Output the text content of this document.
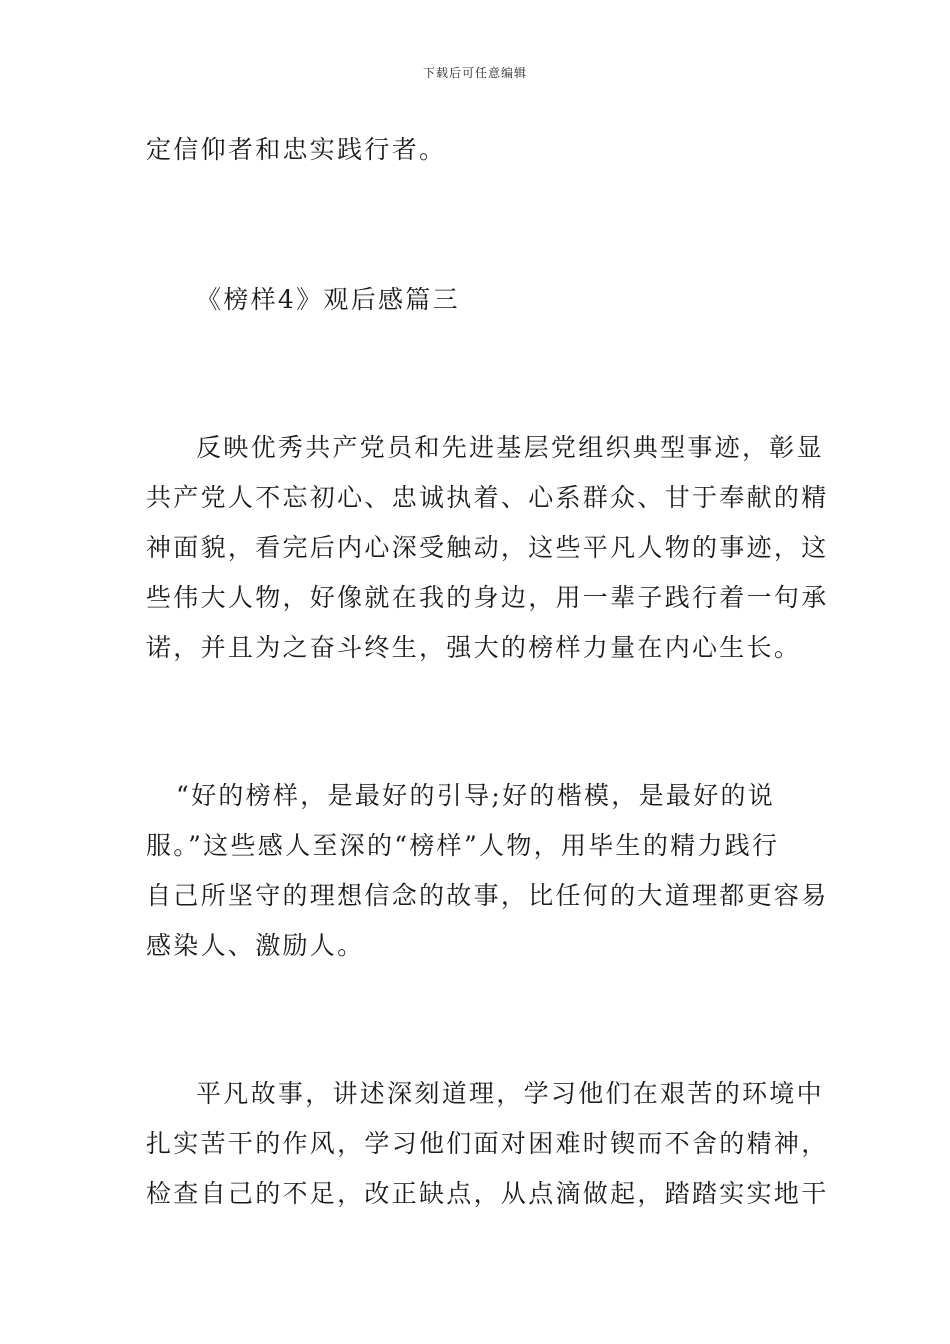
下载后可任意编辑
定信仰者和忠实践行者。
《榜样4》观后感篇三
反映优秀共产党员和先进基层党组织典型事迹，彰显
共产党人不忘初心、忠诚执着、心系群众、甘于奉献的精
神面貌，看完后内心深受触动，这些平凡人物的事迹，这
些伟大人物，好像就在我的身边，用一辈子践行着一句承
诺，并且为之奋斗终生，强大的榜样力量在内心生长。
“好的榜样，是最好的引导;好的楷模，是最好的说
服。”这些感人至深的“榜样”人物，用毕生的精力践行
自己所坚守的理想信念的故事，比任何的大道理都更容易
感染人、激励人。
平凡故事，讲述深刻道理，学习他们在艰苦的环境中
扎实苦干的作风，学习他们面对困难时锲而不舍的精神，
检查自己的不足，改正缺点，从点滴做起，踏踏实实地干
